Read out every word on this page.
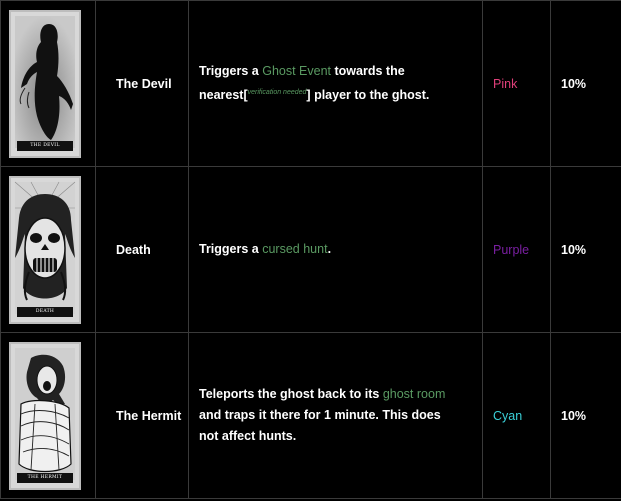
THE DEVIL	The Devil	Triggers a Ghost Event towards the nearest[$^{verification needed}$] player to the ghost.	Pink	10%

DEATH	Death	Triggers a cursed hunt.	Purple	10%

THE HERMIT	The Hermit	Teleports the ghost back to its ghost room and traps it there for 1 minute. This does not affect hunts.	Cyan	10%
